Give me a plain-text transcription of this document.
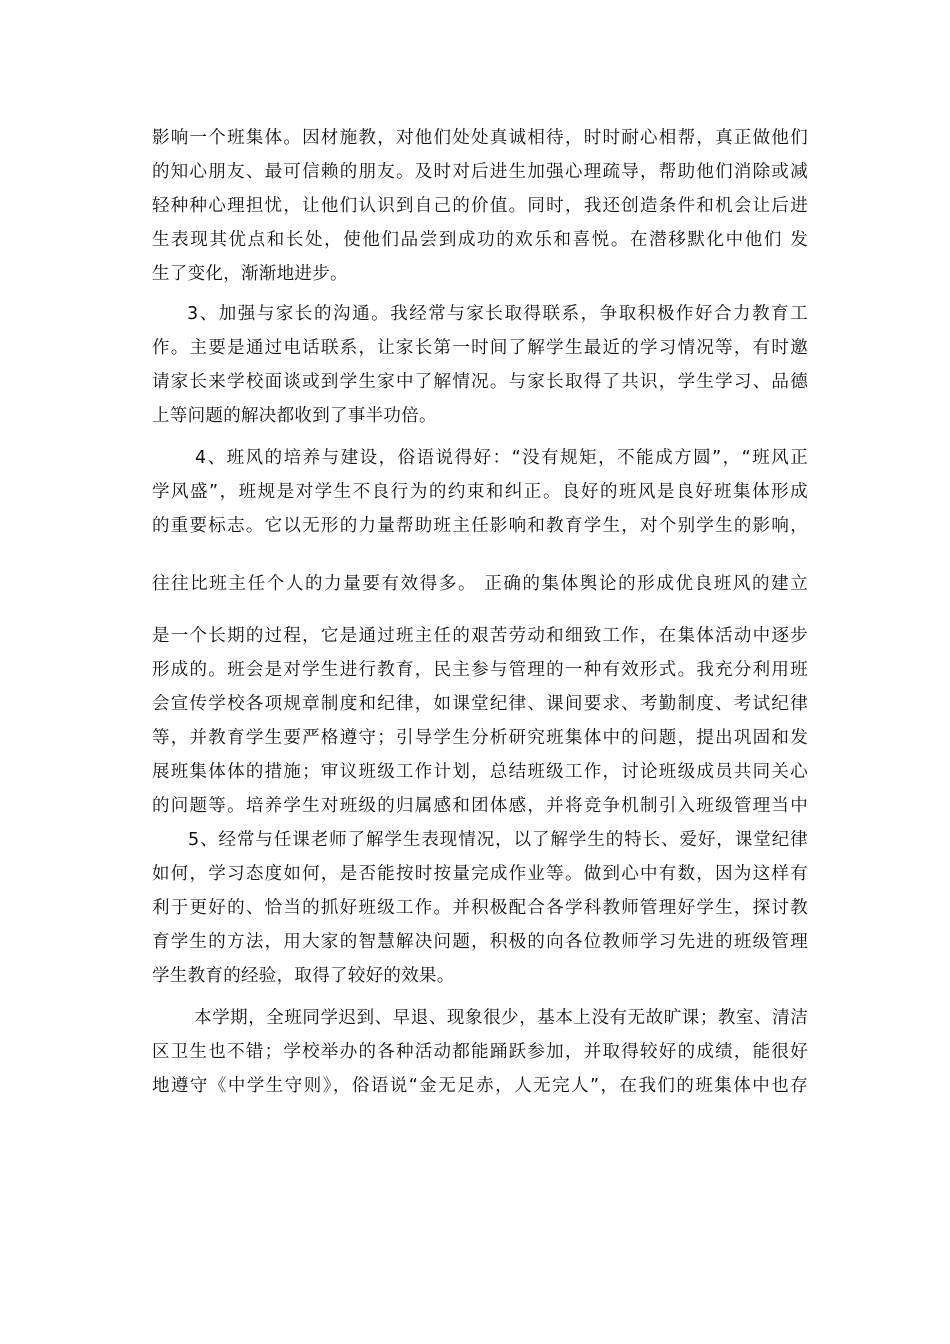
影响一个班集体。因材施教，对他们处处真诚相待，时时耐心相帮，真正做他们
的知心朋友、最可信赖的朋友。及时对后进生加强心理疏导，帮助他们消除或减
轻种种心理担忧，让他们认识到自己的价值。同时，我还创造条件和机会让后进
生表现其优点和长处，使他们品尝到成功的欢乐和喜悦。在潜移默化中他们 发
生了变化，渐渐地进步。
3、加强与家长的沟通。我经常与家长取得联系，争取积极作好合力教育工
作。主要是通过电话联系，让家长第一时间了解学生最近的学习情况等，有时邀
请家长来学校面谈或到学生家中了解情况。与家长取得了共识，学生学习、品德
上等问题的解决都收到了事半功倍。
4、班风的培养与建设，俗语说得好：“没有规矩，不能成方圆”，“班风正
学风盛”，班规是对学生不良行为的约束和纠正。良好的班风是良好班集体形成
的重要标志。它以无形的力量帮助班主任影响和教育学生，对个别学生的影响，
往往比班主任个人的力量要有效得多。 正确的集体舆论的形成优良班风的建立
是一个长期的过程，它是通过班主任的艰苦劳动和细致工作，在集体活动中逐步
形成的。班会是对学生进行教育，民主参与管理的一种有效形式。我充分利用班
会宣传学校各项规章制度和纪律，如课堂纪律、课间要求、考勤制度、考试纪律
等，并教育学生要严格遵守；引导学生分析研究班集体中的问题，提出巩固和发
展班集体体的措施；审议班级工作计划，总结班级工作，讨论班级成员共同关心
的问题等。培养学生对班级的归属感和团体感，并将竞争机制引入班级管理当中
5、经常与任课老师了解学生表现情况，以了解学生的特长、爱好，课堂纪律
如何，学习态度如何，是否能按时按量完成作业等。做到心中有数，因为这样有
利于更好的、恰当的抓好班级工作。并积极配合各学科教师管理好学生，探讨教
育学生的方法，用大家的智慧解决问题，积极的向各位教师学习先进的班级管理
学生教育的经验，取得了较好的效果。
本学期，全班同学迟到、早退、现象很少，基本上没有无故旷课；教室、清洁
区卫生也不错；学校举办的各种活动都能踊跃参加，并取得较好的成绩，能很好
地遵守《中学生守则》，俗语说“金无足赤，人无完人”，在我们的班集体中也存
